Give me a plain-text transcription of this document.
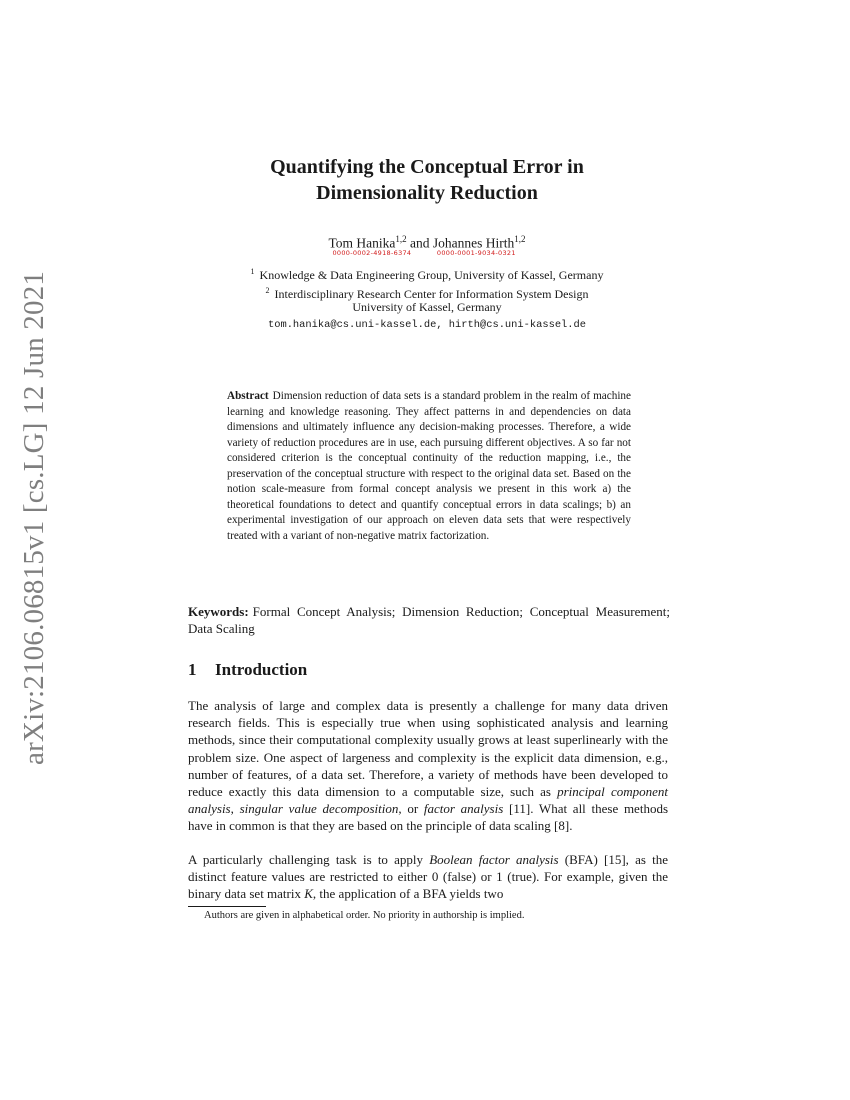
arXiv:2106.06815v1 [cs.LG] 12 Jun 2021
Quantifying the Conceptual Error in
Dimensionality Reduction
Tom Hanika$^{1,2}$
0000-0002-4918-6374
and Johannes Hirth$^{1,2}$
0000-0001-9034-0321
$^1$ Knowledge & Data Engineering Group, University of Kassel, Germany
$^2$ Interdisciplinary Research Center for Information System Design
University of Kassel, Germany
tom.hanika@cs.uni-kassel.de, hirth@cs.uni-kassel.de
Abstract Dimension reduction of data sets is a standard problem in the realm of machine learning and knowledge reasoning. They affect patterns in and dependencies on data dimensions and ultimately influence any decision-making processes. Therefore, a wide variety of reduction procedures are in use, each pursuing different objectives. A so far not considered criterion is the conceptual continuity of the reduction mapping, i.e., the preservation of the conceptual structure with respect to the original data set. Based on the notion scale-measure from formal concept analysis we present in this work a) the theoretical foundations to detect and quantify conceptual errors in data scalings; b) an experimental investigation of our approach on eleven data sets that were respectively treated with a variant of non-negative matrix factorization.
Keywords: Formal Concept Analysis; Dimension Reduction; Conceptual Measurement; Data Scaling
1 Introduction

The analysis of large and complex data is presently a challenge for many data driven research fields. This is especially true when using sophisticated analysis and learning methods, since their computational complexity usually grows at least superlinearly with the problem size. One aspect of largeness and complexity is the explicit data dimension, e.g., number of features, of a data set. Therefore, a variety of methods have been developed to reduce exactly this data dimension to a computable size, such as principal component analysis, singular value decomposition, or factor analysis [11]. What all these methods have in common is that they are based on the principle of data scaling [8].

A particularly challenging task is to apply Boolean factor analysis (BFA) [15], as the distinct feature values are restricted to either 0 (false) or 1 (true). For example, given the binary data set matrix K, the application of a BFA yields two

Authors are given in alphabetical order. No priority in authorship is implied.
